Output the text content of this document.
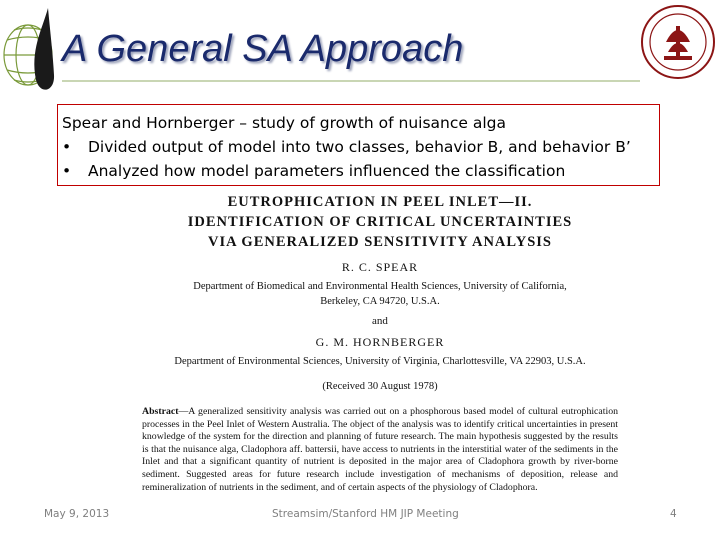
A General SA Approach
Spear and Hornberger – study of growth of nuisance alga
•	Divided output of model into two classes, behavior B, and behavior B’
•	Analyzed how model parameters influenced the classification
EUTROPHICATION IN PEEL INLET—II.
IDENTIFICATION OF CRITICAL UNCERTAINTIES
VIA GENERALIZED SENSITIVITY ANALYSIS
R. C. SPEAR
Department of Biomedical and Environmental Health Sciences, University of California,
Berkeley, CA 94720, U.S.A.
and
G. M. HORNBERGER
Department of Environmental Sciences, University of Virginia, Charlottesville, VA 22903, U.S.A.
(Received 30 August 1978)
Abstract—A generalized sensitivity analysis was carried out on a phosphorous based model of cultural eutrophication processes in the Peel Inlet of Western Australia. The object of the analysis was to identify critical uncertainties in present knowledge of the system for the direction and planning of future research. The main hypothesis suggested by the results is that the nuisance alga, Cladophora aff. battersii, have access to nutrients in the interstitial water of the sediments in the Inlet and that a significant quantity of nutrient is deposited in the major area of Cladophora growth by river-borne sediment. Suggested areas for future research include investigation of mechanisms of deposition, release and remineralization of nutrients in the sediment, and of certain aspects of the physiology of Cladophora.
May 9, 2013	Streamsim/Stanford HM JIP Meeting	4
